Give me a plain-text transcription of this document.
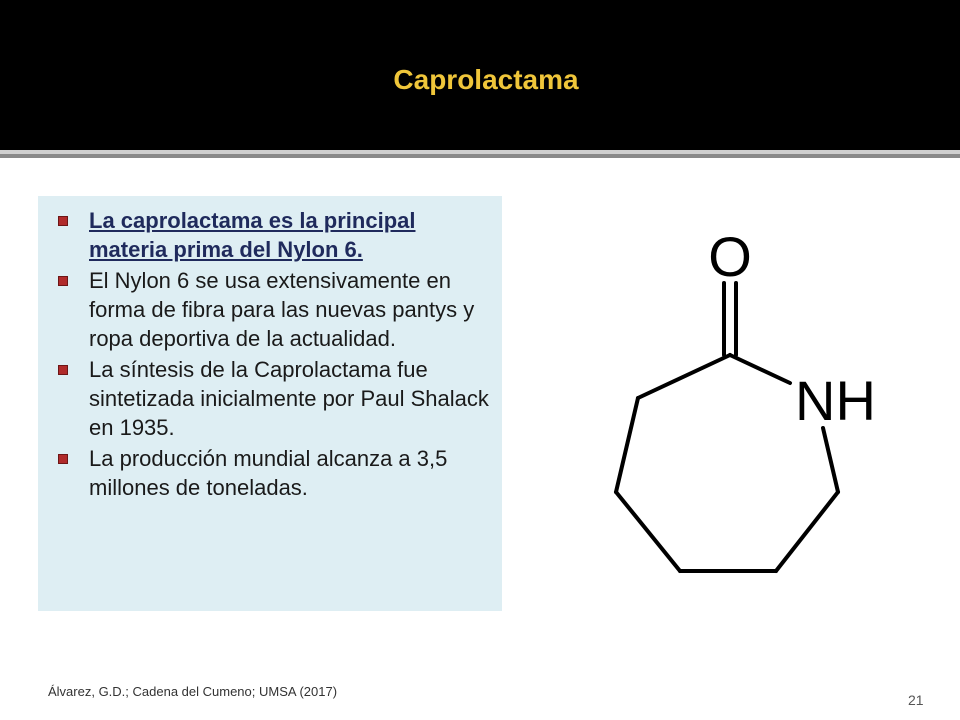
Caprolactama
La caprolactama es la principal materia prima del Nylon 6.
El Nylon 6 se usa extensivamente en forma de fibra para las nuevas pantys y ropa deportiva de la actualidad.
La síntesis de la Caprolactama fue sintetizada inicialmente por Paul Shalack en 1935.
La producción mundial alcanza a 3,5 millones de toneladas.
O
NH
Álvarez, G.D.; Cadena del Cumeno; UMSA (2017)
21
